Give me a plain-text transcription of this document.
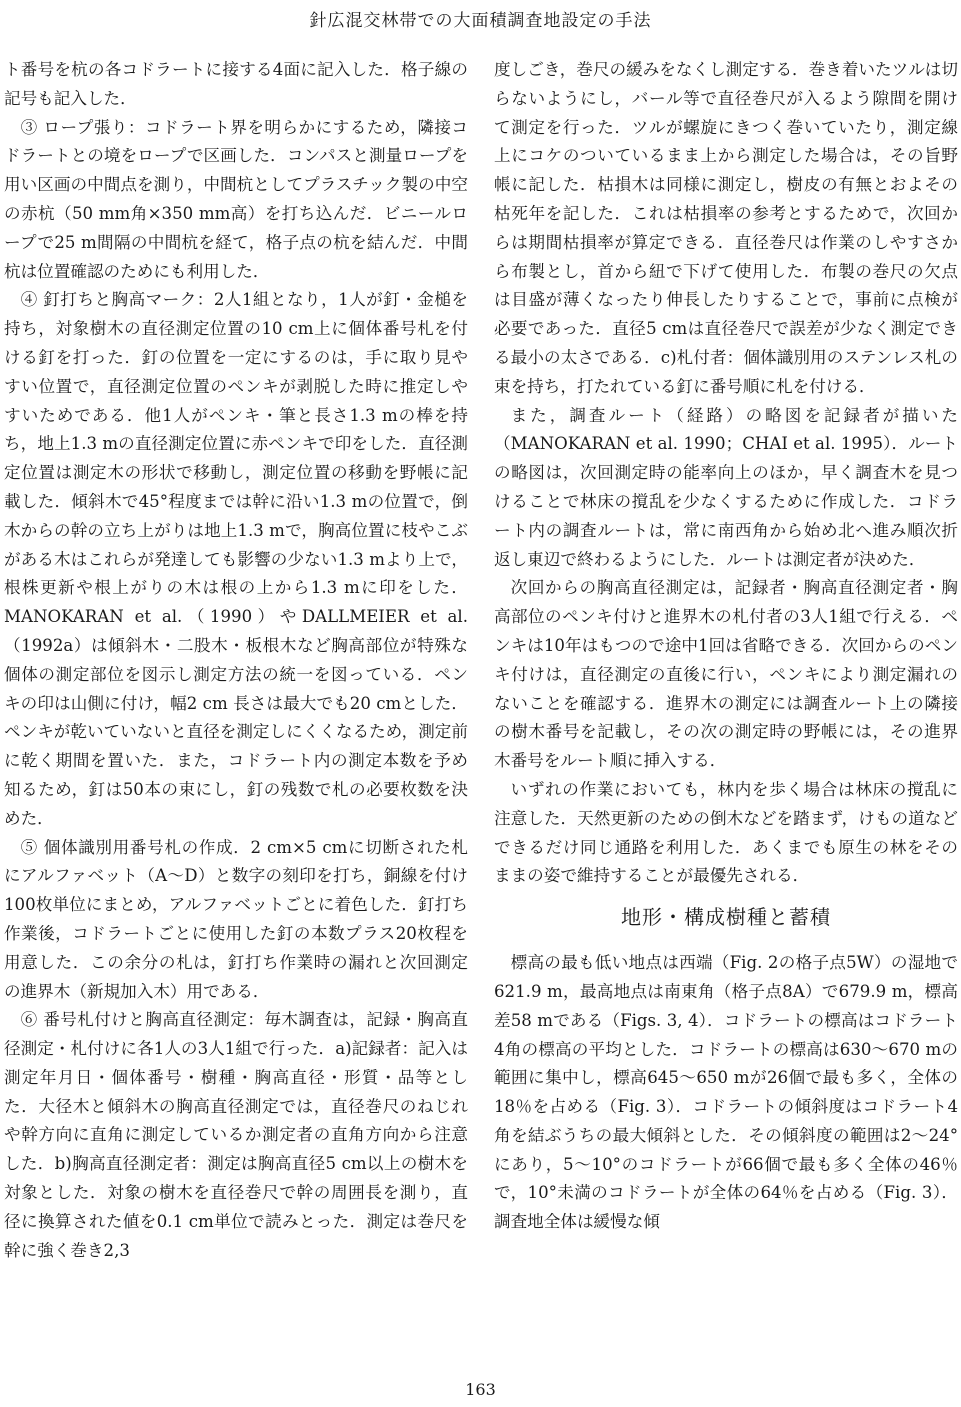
針広混交林帯での大面積調査地設定の手法

ト番号を杭の各コドラートに接する4面に記入した．格子線の記号も記入した．

③ ロープ張り：コドラート界を明らかにするため，隣接コドラートとの境をロープで区画した．コンパスと測量ロープを用い区画の中間点を測り，中間杭としてプラスチック製の中空の赤杭（50 mm角×350 mm高）を打ち込んだ．ビニールロープで25 m間隔の中間杭を経て，格子点の杭を結んだ．中間杭は位置確認のためにも利用した．

④ 釘打ちと胸高マーク：2人1組となり，1人が釘・金槌を持ち，対象樹木の直径測定位置の10 cm上に個体番号札を付ける釘を打った．釘の位置を一定にするのは，手に取り見やすい位置で，直径測定位置のペンキが剥脱した時に推定しやすいためである．他1人がペンキ・筆と長さ1.3 mの棒を持ち，地上1.3 mの直径測定位置に赤ペンキで印をした．直径測定位置は測定木の形状で移動し，測定位置の移動を野帳に記載した．傾斜木で45°程度までは幹に沿い1.3 mの位置で，倒木からの幹の立ち上がりは地上1.3 mで，胸高位置に枝やこぶがある木はこれらが発達しても影響の少ない1.3 mより上で，根株更新や根上がりの木は根の上から1.3 mに印をした．MANOKARAN et al.（1990）やDALLMEIER et al.（1992a）は傾斜木・二股木・板根木など胸高部位が特殊な個体の測定部位を図示し測定方法の統一を図っている．ペンキの印は山側に付け，幅2 cm 長さは最大でも20 cmとした．ペンキが乾いていないと直径を測定しにくくなるため，測定前に乾く期間を置いた．また，コドラート内の測定本数を予め知るため，釘は50本の束にし，釘の残数で札の必要枚数を決めた．

⑤ 個体識別用番号札の作成．2 cm×5 cmに切断された札にアルファベット（A～D）と数字の刻印を打ち，銅線を付け100枚単位にまとめ，アルファベットごとに着色した．釘打ち作業後，コドラートごとに使用した釘の本数プラス20枚程を用意した．この余分の札は，釘打ち作業時の漏れと次回測定の進界木（新規加入木）用である．

⑥ 番号札付けと胸高直径測定：毎木調査は，記録・胸高直径測定・札付けに各1人の3人1組で行った．a)記録者：記入は測定年月日・個体番号・樹種・胸高直径・形質・品等とした．大径木と傾斜木の胸高直径測定では，直径巻尺のねじれや幹方向に直角に測定しているか測定者の直角方向から注意した．b)胸高直径測定者：測定は胸高直径5 cm以上の樹木を対象とした．対象の樹木を直径巻尺で幹の周囲長を測り，直径に換算された値を0.1 cm単位で読みとった．測定は巻尺を幹に強く巻き2,3

度しごき，巻尺の緩みをなくし測定する．巻き着いたツルは切らないようにし，バール等で直径巻尺が入るよう隙間を開けて測定を行った．ツルが螺旋にきつく巻いていたり，測定線上にコケのついているまま上から測定した場合は，その旨野帳に記した．枯損木は同様に測定し，樹皮の有無とおよその枯死年を記した．これは枯損率の参考とするためで，次回からは期間枯損率が算定できる．直径巻尺は作業のしやすさから布製とし，首から紐で下げて使用した．布製の巻尺の欠点は目盛が薄くなったり伸長したりすることで，事前に点検が必要であった．直径5 cmは直径巻尺で誤差が少なく測定できる最小の太さである．c)札付者：個体識別用のステンレス札の束を持ち，打たれている釘に番号順に札を付ける．

また，調査ルート（経路）の略図を記録者が描いた（MANOKARAN et al. 1990；CHAI et al. 1995）．ルートの略図は，次回測定時の能率向上のほか，早く調査木を見つけることで林床の撹乱を少なくするために作成した．コドラート内の調査ルートは，常に南西角から始め北へ進み順次折返し東辺で終わるようにした．ルートは測定者が決めた．

次回からの胸高直径測定は，記録者・胸高直径測定者・胸高部位のペンキ付けと進界木の札付者の3人1組で行える．ペンキは10年はもつので途中1回は省略できる．次回からのペンキ付けは，直径測定の直後に行い，ペンキにより測定漏れのないことを確認する．進界木の測定には調査ルート上の隣接の樹木番号を記載し，その次の測定時の野帳には，その進界木番号をルート順に挿入する．

いずれの作業においても，林内を歩く場合は林床の撹乱に注意した．天然更新のための倒木などを踏まず，けもの道などできるだけ同じ通路を利用した．あくまでも原生の林をそのままの姿で維持することが最優先される．

地形・構成樹種と蓄積

標高の最も低い地点は西端（Fig. 2の格子点5W）の湿地で621.9 m，最高地点は南東角（格子点8A）で679.9 m，標高差58 mである（Figs. 3, 4）．コドラートの標高はコドラート4角の標高の平均とした．コドラートの標高は630～670 mの範囲に集中し，標高645～650 mが26個で最も多く，全体の18％を占める（Fig. 3）．コドラートの傾斜度はコドラート4角を結ぶうちの最大傾斜とした．その傾斜度の範囲は2～24°にあり，5～10°のコドラートが66個で最も多く全体の46％で，10°未満のコドラートが全体の64％を占める（Fig. 3）．調査地全体は緩慢な傾

163
